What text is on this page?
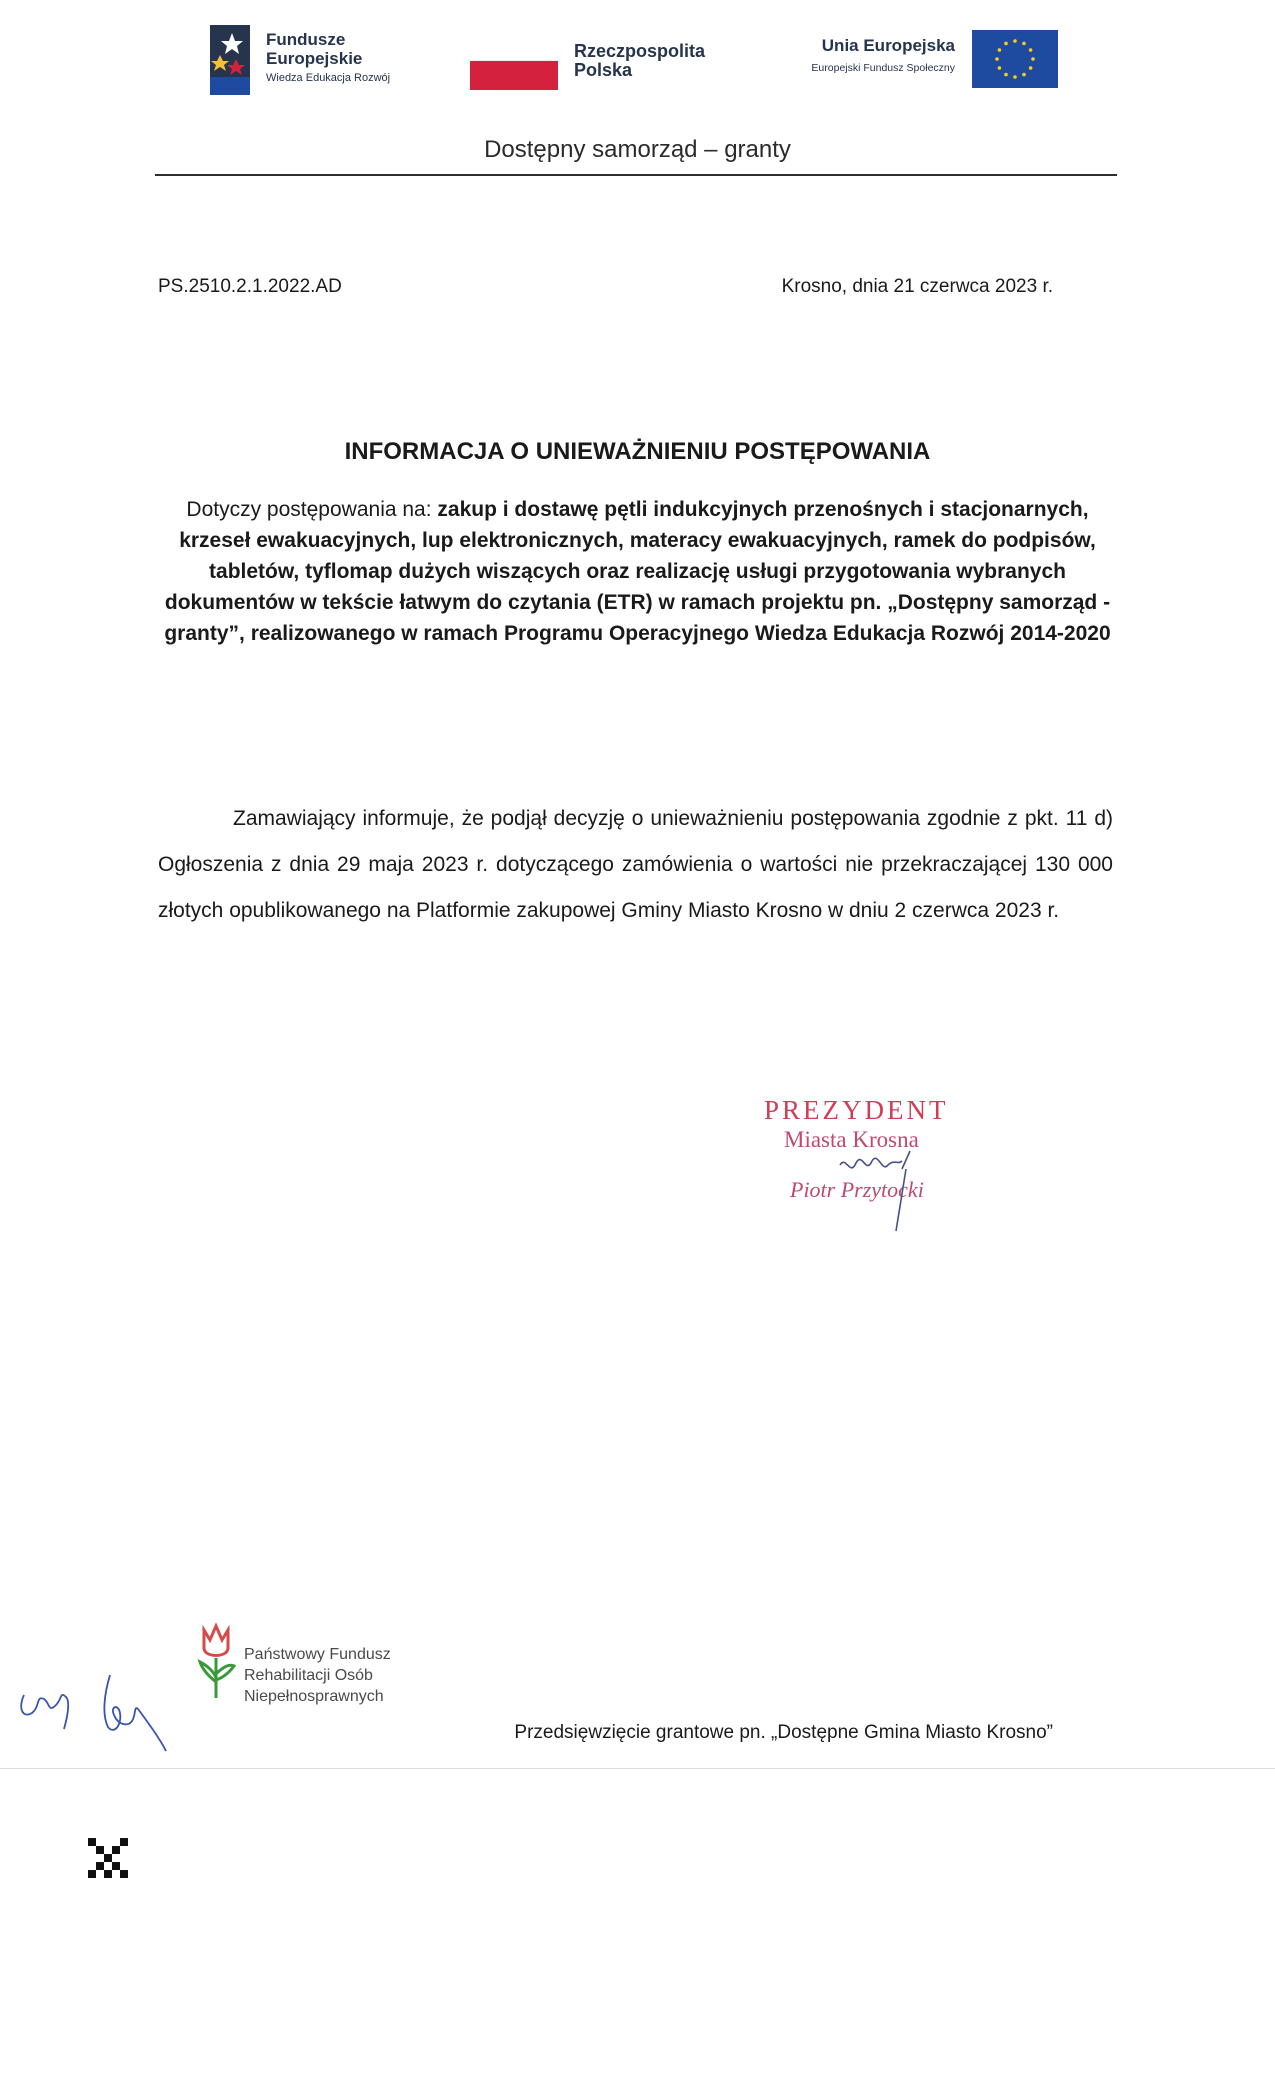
Fundusze
Europejskie
Wiedza Edukacja Rozwój
Rzeczpospolita
Polska
Unia Europejska
Europejski Fundusz Społeczny
Dostępny samorząd – granty
PS.2510.2.1.2022.AD	Krosno, dnia 21 czerwca 2023 r.
INFORMACJA O UNIEWAŻNIENIU POSTĘPOWANIA
Dotyczy postępowania na: zakup i dostawę pętli indukcyjnych przenośnych i stacjonarnych, krzeseł ewakuacyjnych, lup elektronicznych, materacy ewakuacyjnych, ramek do podpisów, tabletów, tyflomap dużych wiszących oraz realizację usługi przygotowania wybranych dokumentów w tekście łatwym do czytania (ETR) w ramach projektu pn. „Dostępny samorząd - granty”, realizowanego w ramach Programu Operacyjnego Wiedza Edukacja Rozwój 2014-2020
Zamawiający informuje, że podjął decyzję o unieważnieniu postępowania zgodnie z pkt. 11 d) Ogłoszenia z dnia 29 maja 2023 r. dotyczącego zamówienia o wartości nie przekraczającej 130 000 złotych opublikowanego na Platformie zakupowej Gminy Miasto Krosno w dniu 2 czerwca 2023 r.
PREZYDENT
Miasta Krosna
Piotr Przytocki
Państwowy Fundusz
Rehabilitacji Osób
Niepełnosprawnych
Przedsięwzięcie grantowe pn. „Dostępne Gmina Miasto Krosno”
